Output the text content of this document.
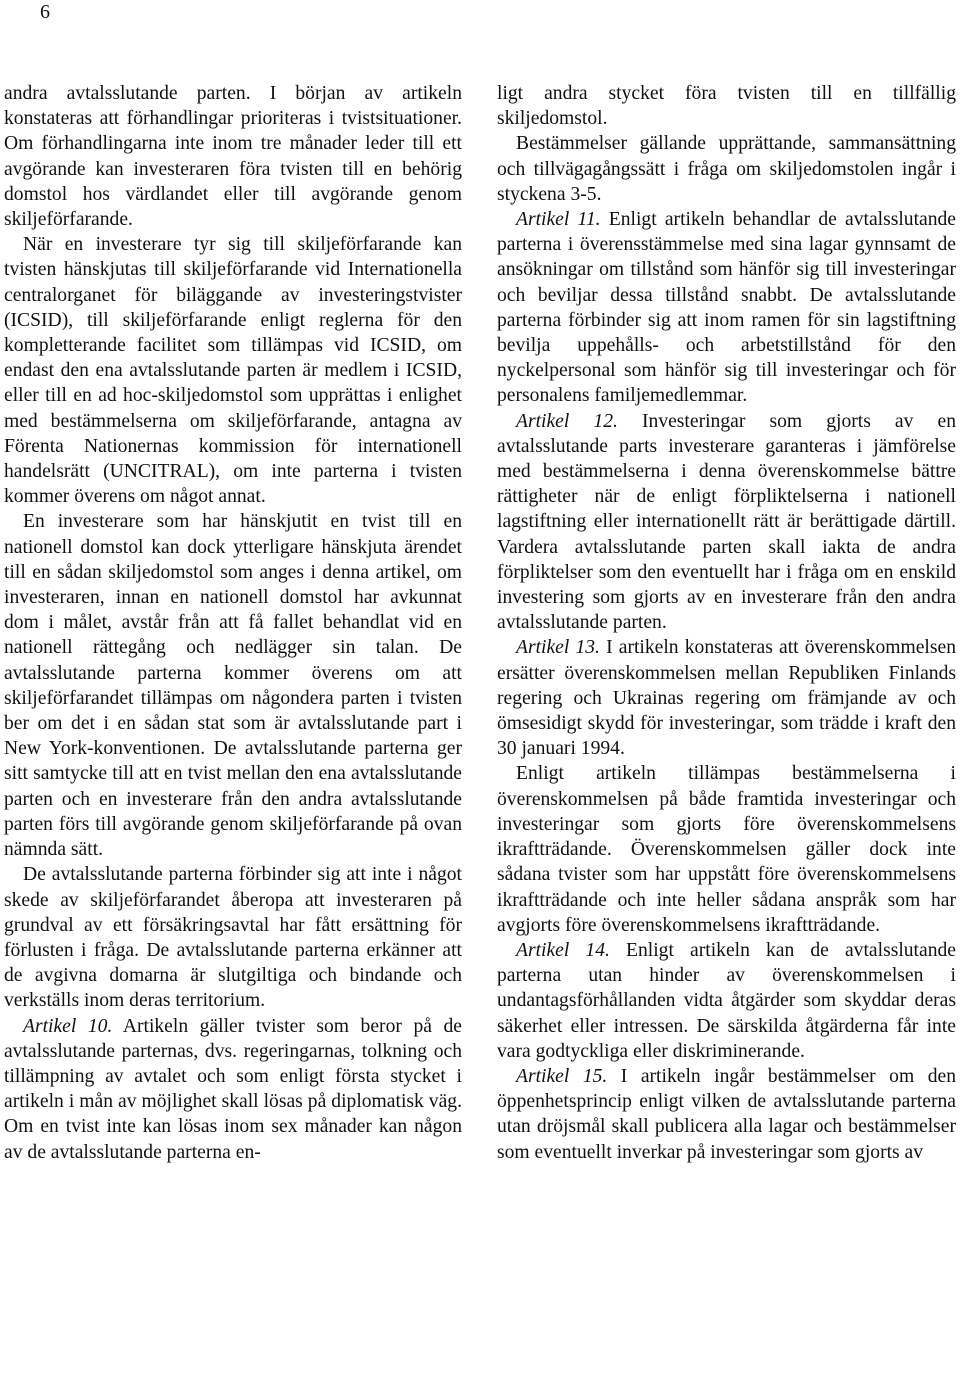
6

andra avtalsslutande parten. I början av artikeln konstateras att förhandlingar prioriteras i tvistsituationer. Om förhandlingarna inte inom tre månader leder till ett avgörande kan investeraren föra tvisten till en behörig domstol hos värdlandet eller till avgörande genom skiljeförfarande.

När en investerare tyr sig till skiljeförfarande kan tvisten hänskjutas till skiljeförfarande vid Internationella centralorganet för biläggande av investeringstvister (ICSID), till skiljeförfarande enligt reglerna för den kompletterande facilitet som tillämpas vid ICSID, om endast den ena avtalsslutande parten är medlem i ICSID, eller till en ad hoc-skiljedomstol som upprättas i enlighet med bestämmelserna om skiljeförfarande, antagna av Förenta Nationernas kommission för internationell handelsrätt (UNCITRAL), om inte parterna i tvisten kommer överens om något annat.

En investerare som har hänskjutit en tvist till en nationell domstol kan dock ytterligare hänskjuta ärendet till en sådan skiljedomstol som anges i denna artikel, om investeraren, innan en nationell domstol har avkunnat dom i målet, avstår från att få fallet behandlat vid en nationell rättegång och nedlägger sin talan. De avtalsslutande parterna kommer överens om att skiljeförfarandet tillämpas om någondera parten i tvisten ber om det i en sådan stat som är avtalsslutande part i New York-konventionen. De avtalsslutande parterna ger sitt samtycke till att en tvist mellan den ena avtalsslutande parten och en investerare från den andra avtalsslutande parten förs till avgörande genom skiljeförfarande på ovan nämnda sätt.

De avtalsslutande parterna förbinder sig att inte i något skede av skiljeförfarandet åberopa att investeraren på grundval av ett försäkringsavtal har fått ersättning för förlusten i fråga. De avtalsslutande parterna erkänner att de avgivna domarna är slutgiltiga och bindande och verkställs inom deras territorium.

Artikel 10. Artikeln gäller tvister som beror på de avtalsslutande parternas, dvs. regeringarnas, tolkning och tillämpning av avtalet och som enligt första stycket i artikeln i mån av möjlighet skall lösas på diplomatisk väg. Om en tvist inte kan lösas inom sex månader kan någon av de avtalsslutande parterna en-

ligt andra stycket föra tvisten till en tillfällig skiljedomstol.

Bestämmelser gällande upprättande, sammansättning och tillvägagångssätt i fråga om skiljedomstolen ingår i styckena 3-5.

Artikel 11. Enligt artikeln behandlar de avtalsslutande parterna i överensstämmelse med sina lagar gynnsamt de ansökningar om tillstånd som hänför sig till investeringar och beviljar dessa tillstånd snabbt. De avtalsslutande parterna förbinder sig att inom ramen för sin lagstiftning bevilja uppehålls- och arbetstillstånd för den nyckelpersonal som hänför sig till investeringar och för personalens familjemedlemmar.

Artikel 12. Investeringar som gjorts av en avtalsslutande parts investerare garanteras i jämförelse med bestämmelserna i denna överenskommelse bättre rättigheter när de enligt förpliktelserna i nationell lagstiftning eller internationellt rätt är berättigade därtill. Vardera avtalsslutande parten skall iakta de andra förpliktelser som den eventuellt har i fråga om en enskild investering som gjorts av en investerare från den andra avtalsslutande parten.

Artikel 13. I artikeln konstateras att överenskommelsen ersätter överenskommelsen mellan Republiken Finlands regering och Ukrainas regering om främjande av och ömsesidigt skydd för investeringar, som trädde i kraft den 30 januari 1994.

Enligt artikeln tillämpas bestämmelserna i överenskommelsen på både framtida investeringar och investeringar som gjorts före överenskommelsens ikraftträdande. Överenskommelsen gäller dock inte sådana tvister som har uppstått före överenskommelsens ikraftträdande och inte heller sådana anspråk som har avgjorts före överenskommelsens ikraftträdande.

Artikel 14. Enligt artikeln kan de avtalsslutande parterna utan hinder av överenskommelsen i undantagsförhållanden vidta åtgärder som skyddar deras säkerhet eller intressen. De särskilda åtgärderna får inte vara godtyckliga eller diskriminerande.

Artikel 15. I artikeln ingår bestämmelser om den öppenhetsprincip enligt vilken de avtalsslutande parterna utan dröjsmål skall publicera alla lagar och bestämmelser som eventuellt inverkar på investeringar som gjorts av
